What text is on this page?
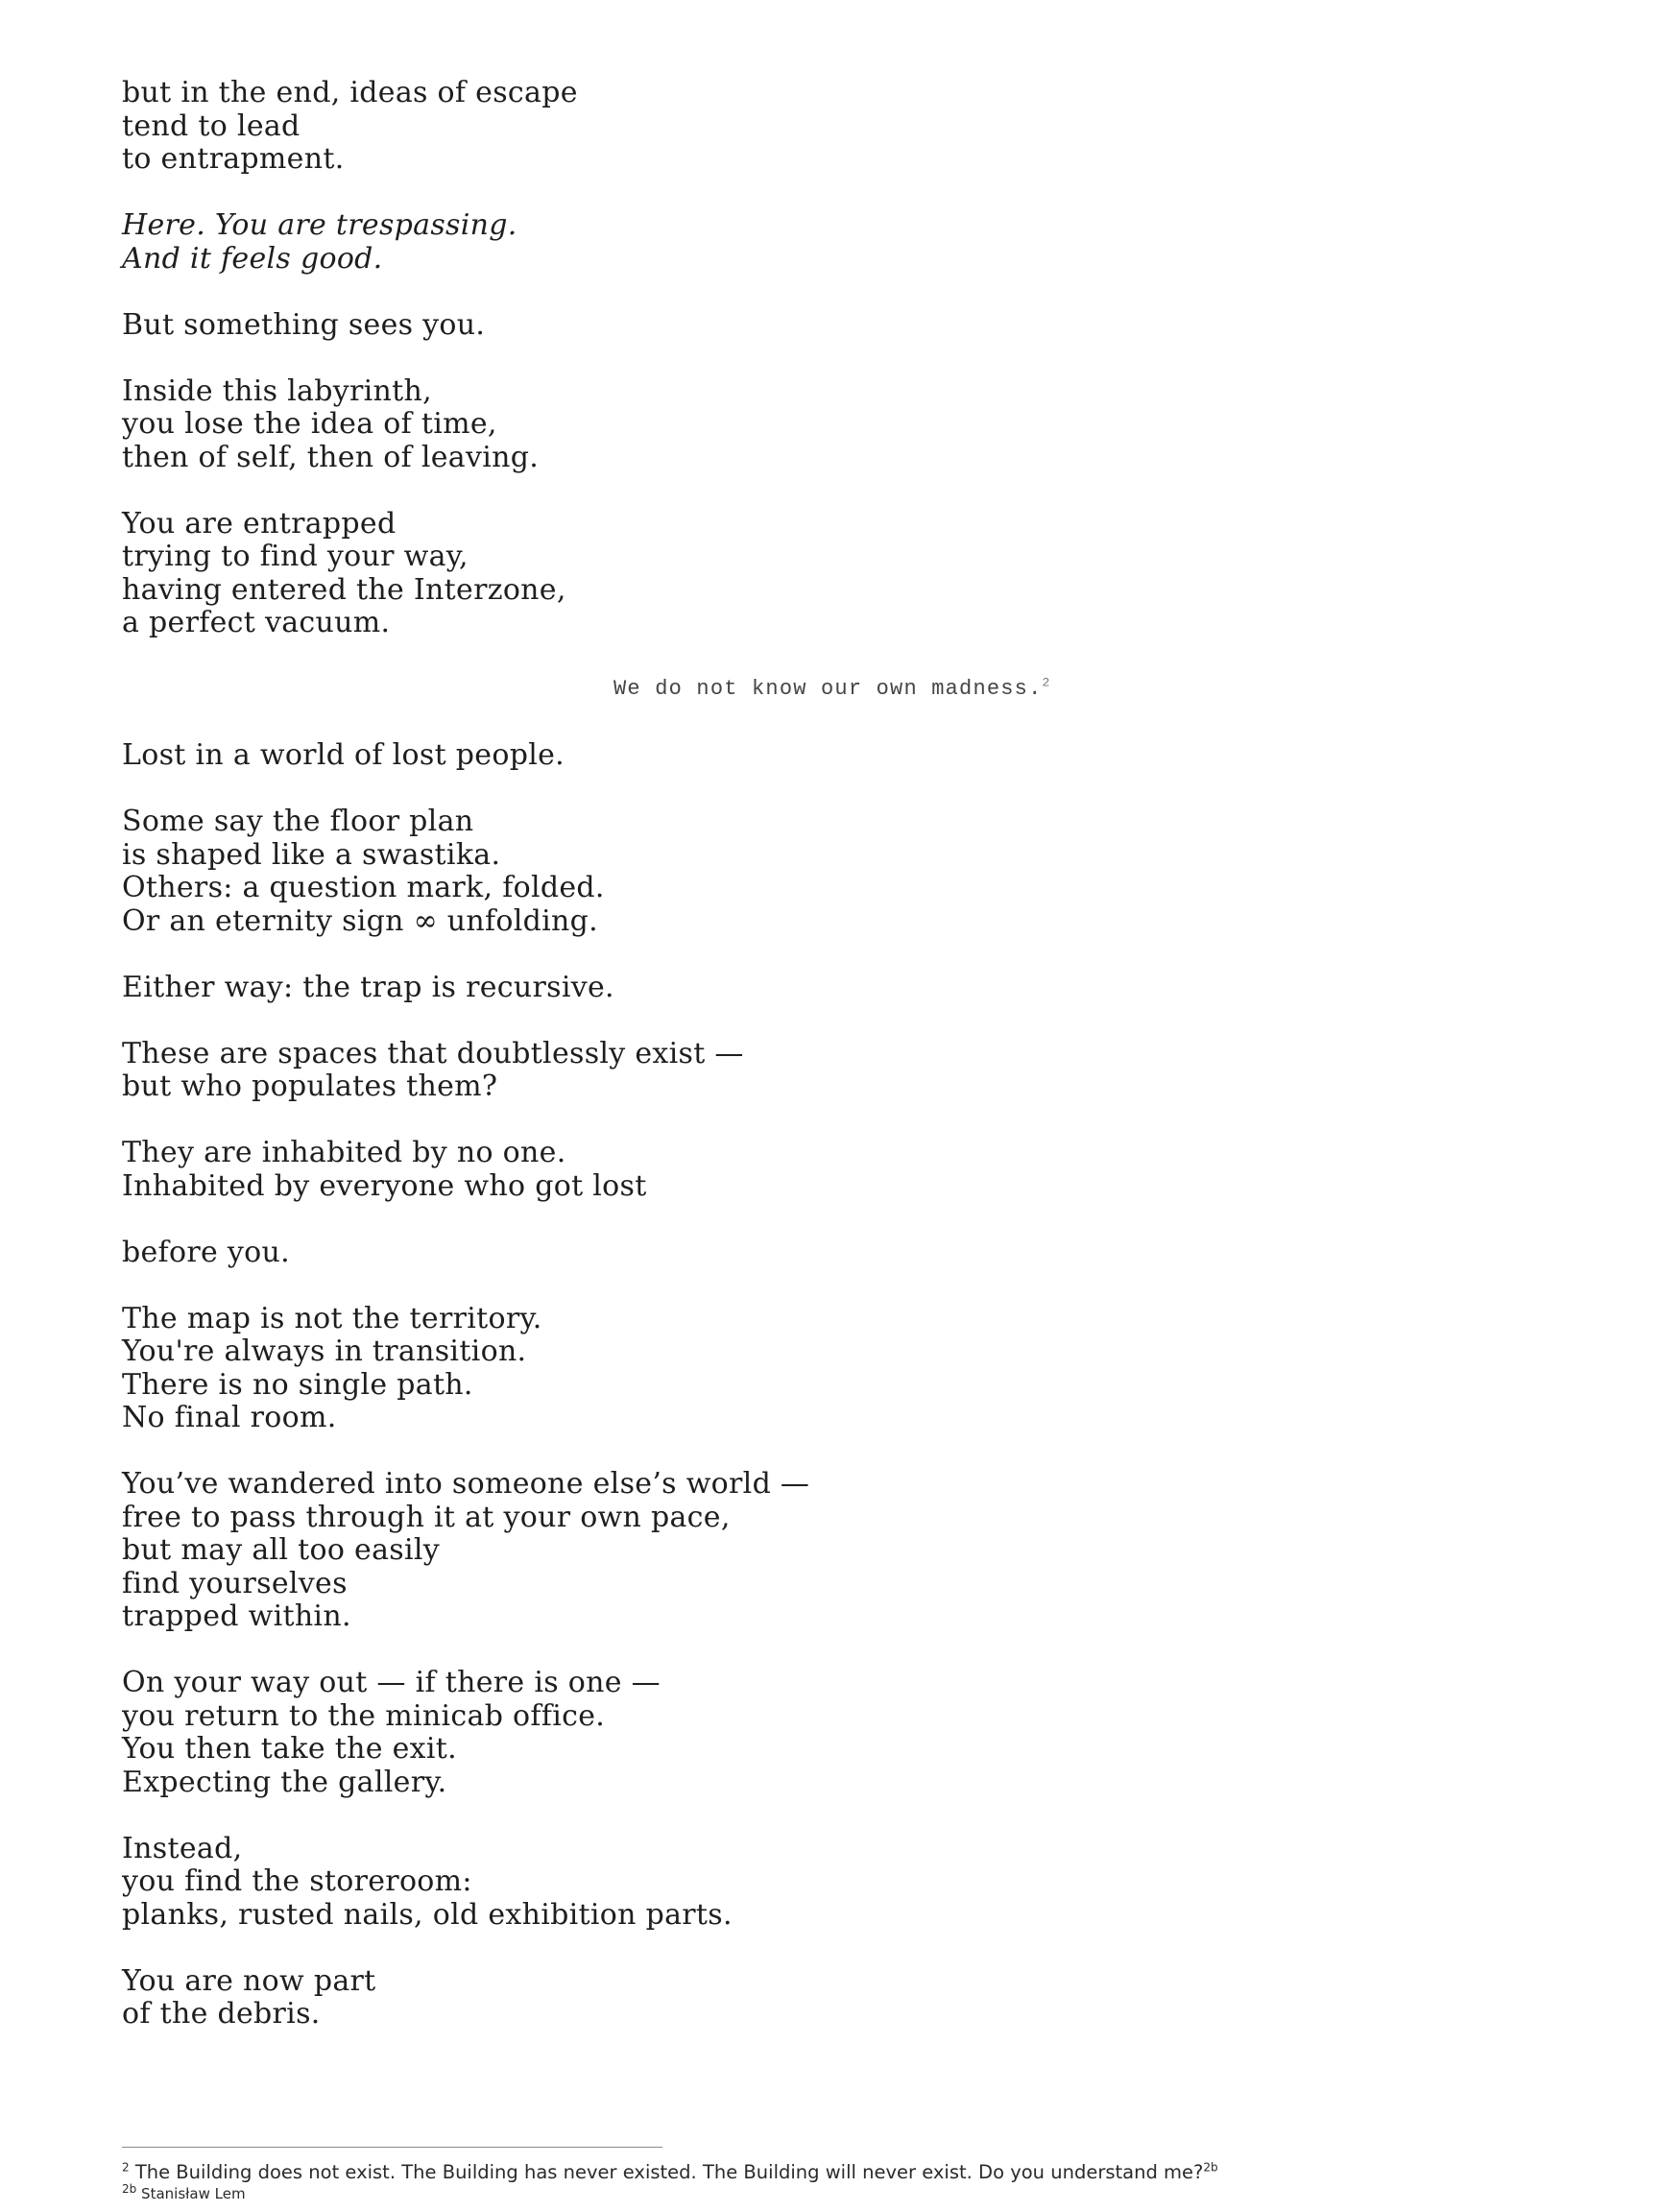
but in the end, ideas of escape
tend to lead
to entrapment.
Here. You are trespassing.
And it feels good.
But something sees you.
Inside this labyrinth,
you lose the idea of time,
then of self, then of leaving.
You are entrapped
trying to find your way,
having entered the Interzone,
a perfect vacuum.
We do not know our own madness.$^2$
Lost in a world of lost people.
Some say the floor plan
is shaped like a swastika.
Others: a question mark, folded.
Or an eternity sign ∞ unfolding.
Either way: the trap is recursive.
These are spaces that doubtlessly exist —
but who populates them?
They are inhabited by no one.
Inhabited by everyone who got lost
before you.
The map is not the territory.
You're always in transition.
There is no single path.
No final room.
You’ve wandered into someone else’s world —
free to pass through it at your own pace,
but may all too easily
find yourselves
trapped within.
On your way out — if there is one —
you return to the minicab office.
You then take the exit.
Expecting the gallery.
Instead,
you find the storeroom:
planks, rusted nails, old exhibition parts.
You are now part
of the debris.
$^2$ The Building does not exist. The Building has never existed. The Building will never exist. Do you understand me?$^{2b}$
$^{2b}$ Stanisław Lem
